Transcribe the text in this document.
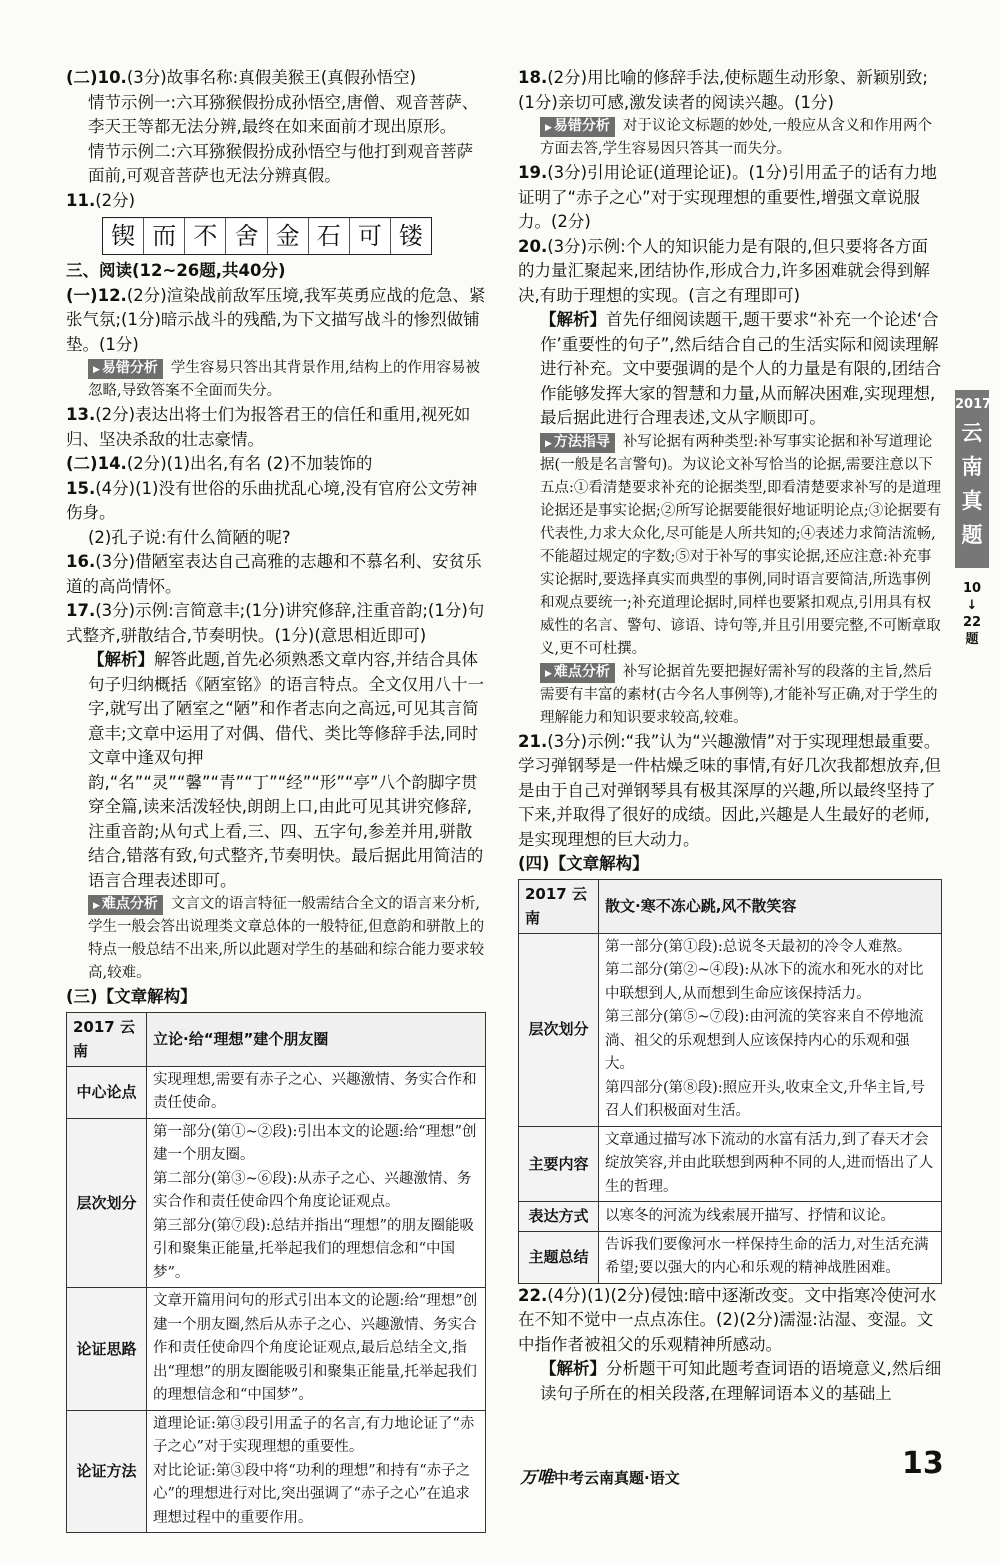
(二)10.(3分)故事名称:真假美猴王(真假孙悟空)

情节示例一:六耳猕猴假扮成孙悟空,唐僧、观音菩萨、李天王等都无法分辨,最终在如来面前才现出原形。

情节示例二:六耳猕猴假扮成孙悟空与他打到观音菩萨面前,可观音菩萨也无法分辨真假。

11.(2分)

锲 而 不 舍 金 石 可 镂

三、阅读(12~26题,共40分)

(一)12.(2分)渲染战前敌军压境,我军英勇应战的危急、紧张气氛;(1分)暗示战斗的残酷,为下文描写战斗的惨烈做铺垫。(1分)

▶ 易错分析 学生容易只答出其背景作用,结构上的作用容易被忽略,导致答案不全面而失分。

13.(2分)表达出将士们为报答君王的信任和重用,视死如归、坚决杀敌的壮志豪情。

(二)14.(2分)(1)出名,有名 (2)不加装饰的

15.(4分)(1)没有世俗的乐曲扰乱心境,没有官府公文劳神伤身。

(2)孔子说:有什么简陋的呢?

16.(3分)借陋室表达自己高雅的志趣和不慕名利、安贫乐道的高尚情怀。

17.(3分)示例:言简意丰;(1分)讲究修辞,注重音韵;(1分)句式整齐,骈散结合,节奏明快。(1分)(意思相近即可)

【解析】解答此题,首先必须熟悉文章内容,并结合具体句子归纳概括《陋室铭》的语言特点。全文仅用八十一字,就写出了陋室之“陋”和作者志向之高远,可见其言简意丰;文章中运用了对偶、借代、类比等修辞手法,同时文章中逢双句押韵,“名”“灵”“馨”“青”“丁”“经”“形”“亭”八个韵脚字贯穿全篇,读来活泼轻快,朗朗上口,由此可见其讲究修辞,注重音韵;从句式上看,三、四、五字句,参差并用,骈散结合,错落有致,句式整齐,节奏明快。最后据此用简洁的语言合理表述即可。

▶ 难点分析 文言文的语言特征一般需结合全文的语言来分析,学生一般会答出说理类文章总体的一般特征,但意韵和骈散上的特点一般总结不出来,所以此题对学生的基础和综合能力要求较高,较难。

(三)【文章解构】

2017 云南	立论·给“理想”建个朋友圈
中心论点	实现理想,需要有赤子之心、兴趣激情、务实合作和责任使命。
层次划分	第一部分(第①~②段):引出本文的论题:给“理想”创建一个朋友圈。
第二部分(第③~⑥段):从赤子之心、兴趣激情、务实合作和责任使命四个角度论证观点。
第三部分(第⑦段):总结并指出“理想”的朋友圈能吸引和聚集正能量,托举起我们的理想信念和“中国梦”。
论证思路	文章开篇用问句的形式引出本文的论题:给“理想”创建一个朋友圈,然后从赤子之心、兴趣激情、务实合作和责任使命四个角度论证观点,最后总结全文,指出“理想”的朋友圈能吸引和聚集正能量,托举起我们的理想信念和“中国梦”。
论证方法	道理论证:第③段引用孟子的名言,有力地论证了“赤子之心”对于实现理想的重要性。
对比论证:第③段中将“功利的理想”和持有“赤子之心”的理想进行对比,突出强调了“赤子之心”在追求理想过程中的重要作用。

18.(2分)用比喻的修辞手法,使标题生动形象、新颖别致;(1分)亲切可感,激发读者的阅读兴趣。(1分)

▶ 易错分析 对于议论文标题的妙处,一般应从含义和作用两个方面去答,学生容易因只答其一而失分。

19.(3分)引用论证(道理论证)。(1分)引用孟子的话有力地证明了“赤子之心”对于实现理想的重要性,增强文章说服力。(2分)

20.(3分)示例:个人的知识能力是有限的,但只要将各方面的力量汇聚起来,团结协作,形成合力,许多困难就会得到解决,有助于理想的实现。(言之有理即可)

【解析】首先仔细阅读题干,题干要求“补充一个论述‘合作’重要性的句子”,然后结合自己的生活实际和阅读理解进行补充。文中要强调的是个人的力量是有限的,团结合作能够发挥大家的智慧和力量,从而解决困难,实现理想,最后据此进行合理表述,文从字顺即可。

▶ 方法指导 补写论据有两种类型:补写事实论据和补写道理论据(一般是名言警句)。为议论文补写恰当的论据,需要注意以下五点:①看清楚要求补充的论据类型,即看清楚要求补写的是道理论据还是事实论据;②所写论据要能很好地证明论点;③论据要有代表性,力求大众化,尽可能是人所共知的;④表述力求简洁流畅,不能超过规定的字数;⑤对于补写的事实论据,还应注意:补充事实论据时,要选择真实而典型的事例,同时语言要简洁,所选事例和观点要统一;补充道理论据时,同样也要紧扣观点,引用具有权威性的名言、警句、谚语、诗句等,并且引用要完整,不可断章取义,更不可杜撰。

▶ 难点分析 补写论据首先要把握好需补写的段落的主旨,然后需要有丰富的素材(古今名人事例等),才能补写正确,对于学生的理解能力和知识要求较高,较难。

21.(3分)示例:“我”认为“兴趣激情”对于实现理想最重要。学习弹钢琴是一件枯燥乏味的事情,有好几次我都想放弃,但是由于自己对弹钢琴具有极其深厚的兴趣,所以最终坚持了下来,并取得了很好的成绩。因此,兴趣是人生最好的老师,是实现理想的巨大动力。

(四)【文章解构】

2017 云南	散文·寒不冻心跳,风不散笑容
层次划分	第一部分(第①段):总说冬天最初的冷令人难熬。
第二部分(第②~④段):从冰下的流水和死水的对比中联想到人,从而想到生命应该保持活力。
第三部分(第⑤~⑦段):由河流的笑容来自不停地流淌、祖父的乐观想到人应该保持内心的乐观和强大。
第四部分(第⑧段):照应开头,收束全文,升华主旨,号召人们积极面对生活。
主要内容	文章通过描写冰下流动的水富有活力,到了春天才会绽放笑容,并由此联想到两种不同的人,进而悟出了人生的哲理。
表达方式	以寒冬的河流为线索展开描写、抒情和议论。
主题总结	告诉我们要像河水一样保持生命的活力,对生活充满希望;要以强大的内心和乐观的精神战胜困难。

22.(4分)(1)(2分)侵蚀:暗中逐渐改变。文中指寒冷使河水在不知不觉中一点点冻住。(2)(2分)濡湿:沾湿、变湿。文中指作者被祖父的乐观精神所感动。

【解析】分析题干可知此题考查词语的语境意义,然后细读句子所在的相关段落,在理解词语本义的基础上

2017
云
南
真
题
10
↓
22
题
万唯中考云南真题·语文	13
